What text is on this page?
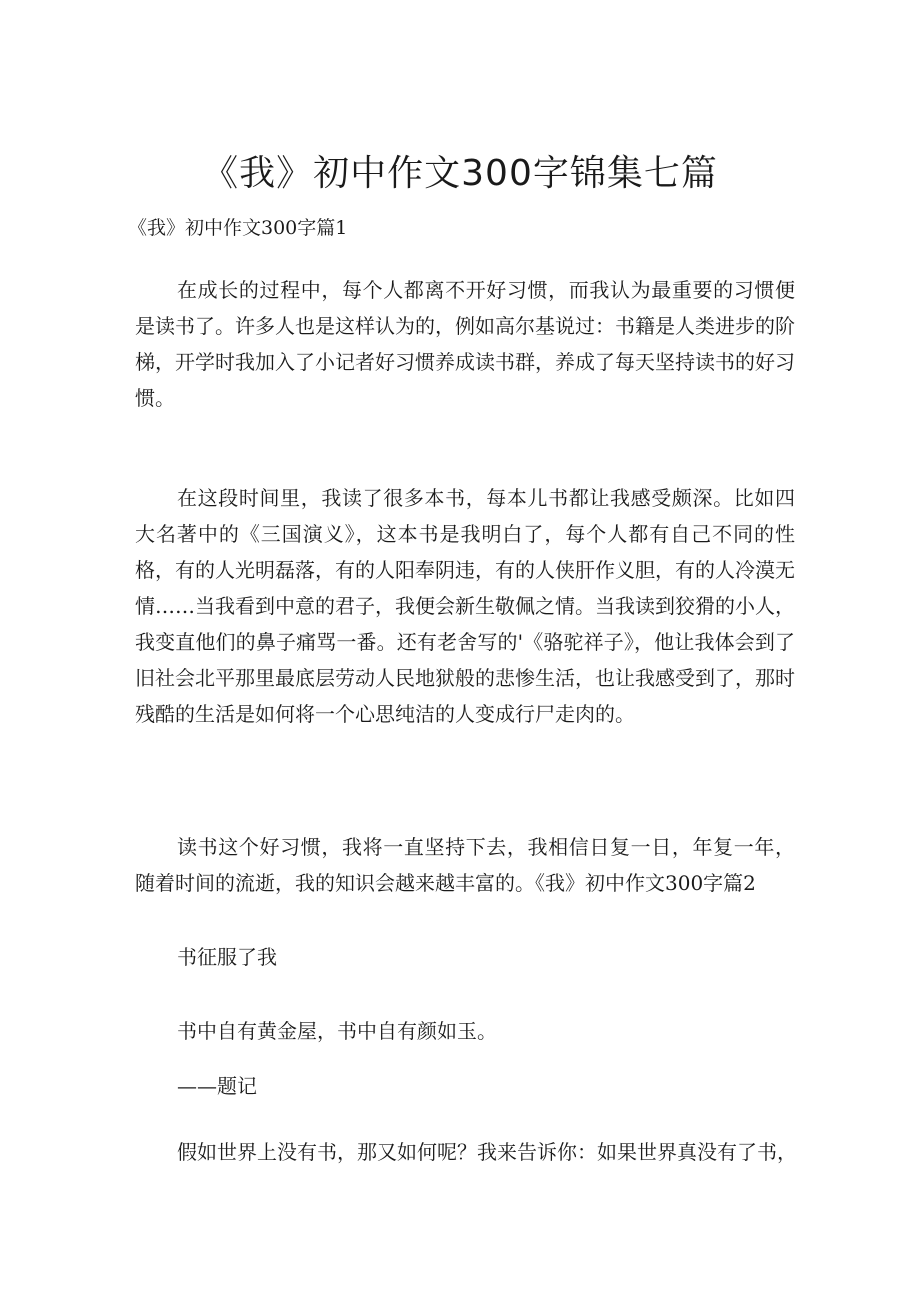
《我》初中作文300字锦集七篇
《我》初中作文300字篇1

在成长的过程中，每个人都离不开好习惯，而我认为最重要的习惯便是读书了。许多人也是这样认为的，例如高尔基说过：书籍是人类进步的阶梯，开学时我加入了小记者好习惯养成读书群，养成了每天坚持读书的好习惯。

在这段时间里，我读了很多本书，每本儿书都让我感受颇深。比如四大名著中的《三国演义》，这本书是我明白了，每个人都有自己不同的性格，有的人光明磊落，有的人阳奉阴违，有的人侠肝作义胆，有的人冷漠无情……当我看到中意的君子，我便会新生敬佩之情。当我读到狡猾的小人，我变直他们的鼻子痛骂一番。还有老舍写的'《骆驼祥子》，他让我体会到了旧社会北平那里最底层劳动人民地狱般的悲惨生活，也让我感受到了，那时残酷的生活是如何将一个心思纯洁的人变成行尸走肉的。

读书这个好习惯，我将一直坚持下去，我相信日复一日，年复一年，随着时间的流逝，我的知识会越来越丰富的。《我》初中作文300字篇2

书征服了我
书中自有黄金屋，书中自有颜如玉。
——题记
假如世界上没有书，那又如何呢？我来告诉你：如果世界真没有了书，
